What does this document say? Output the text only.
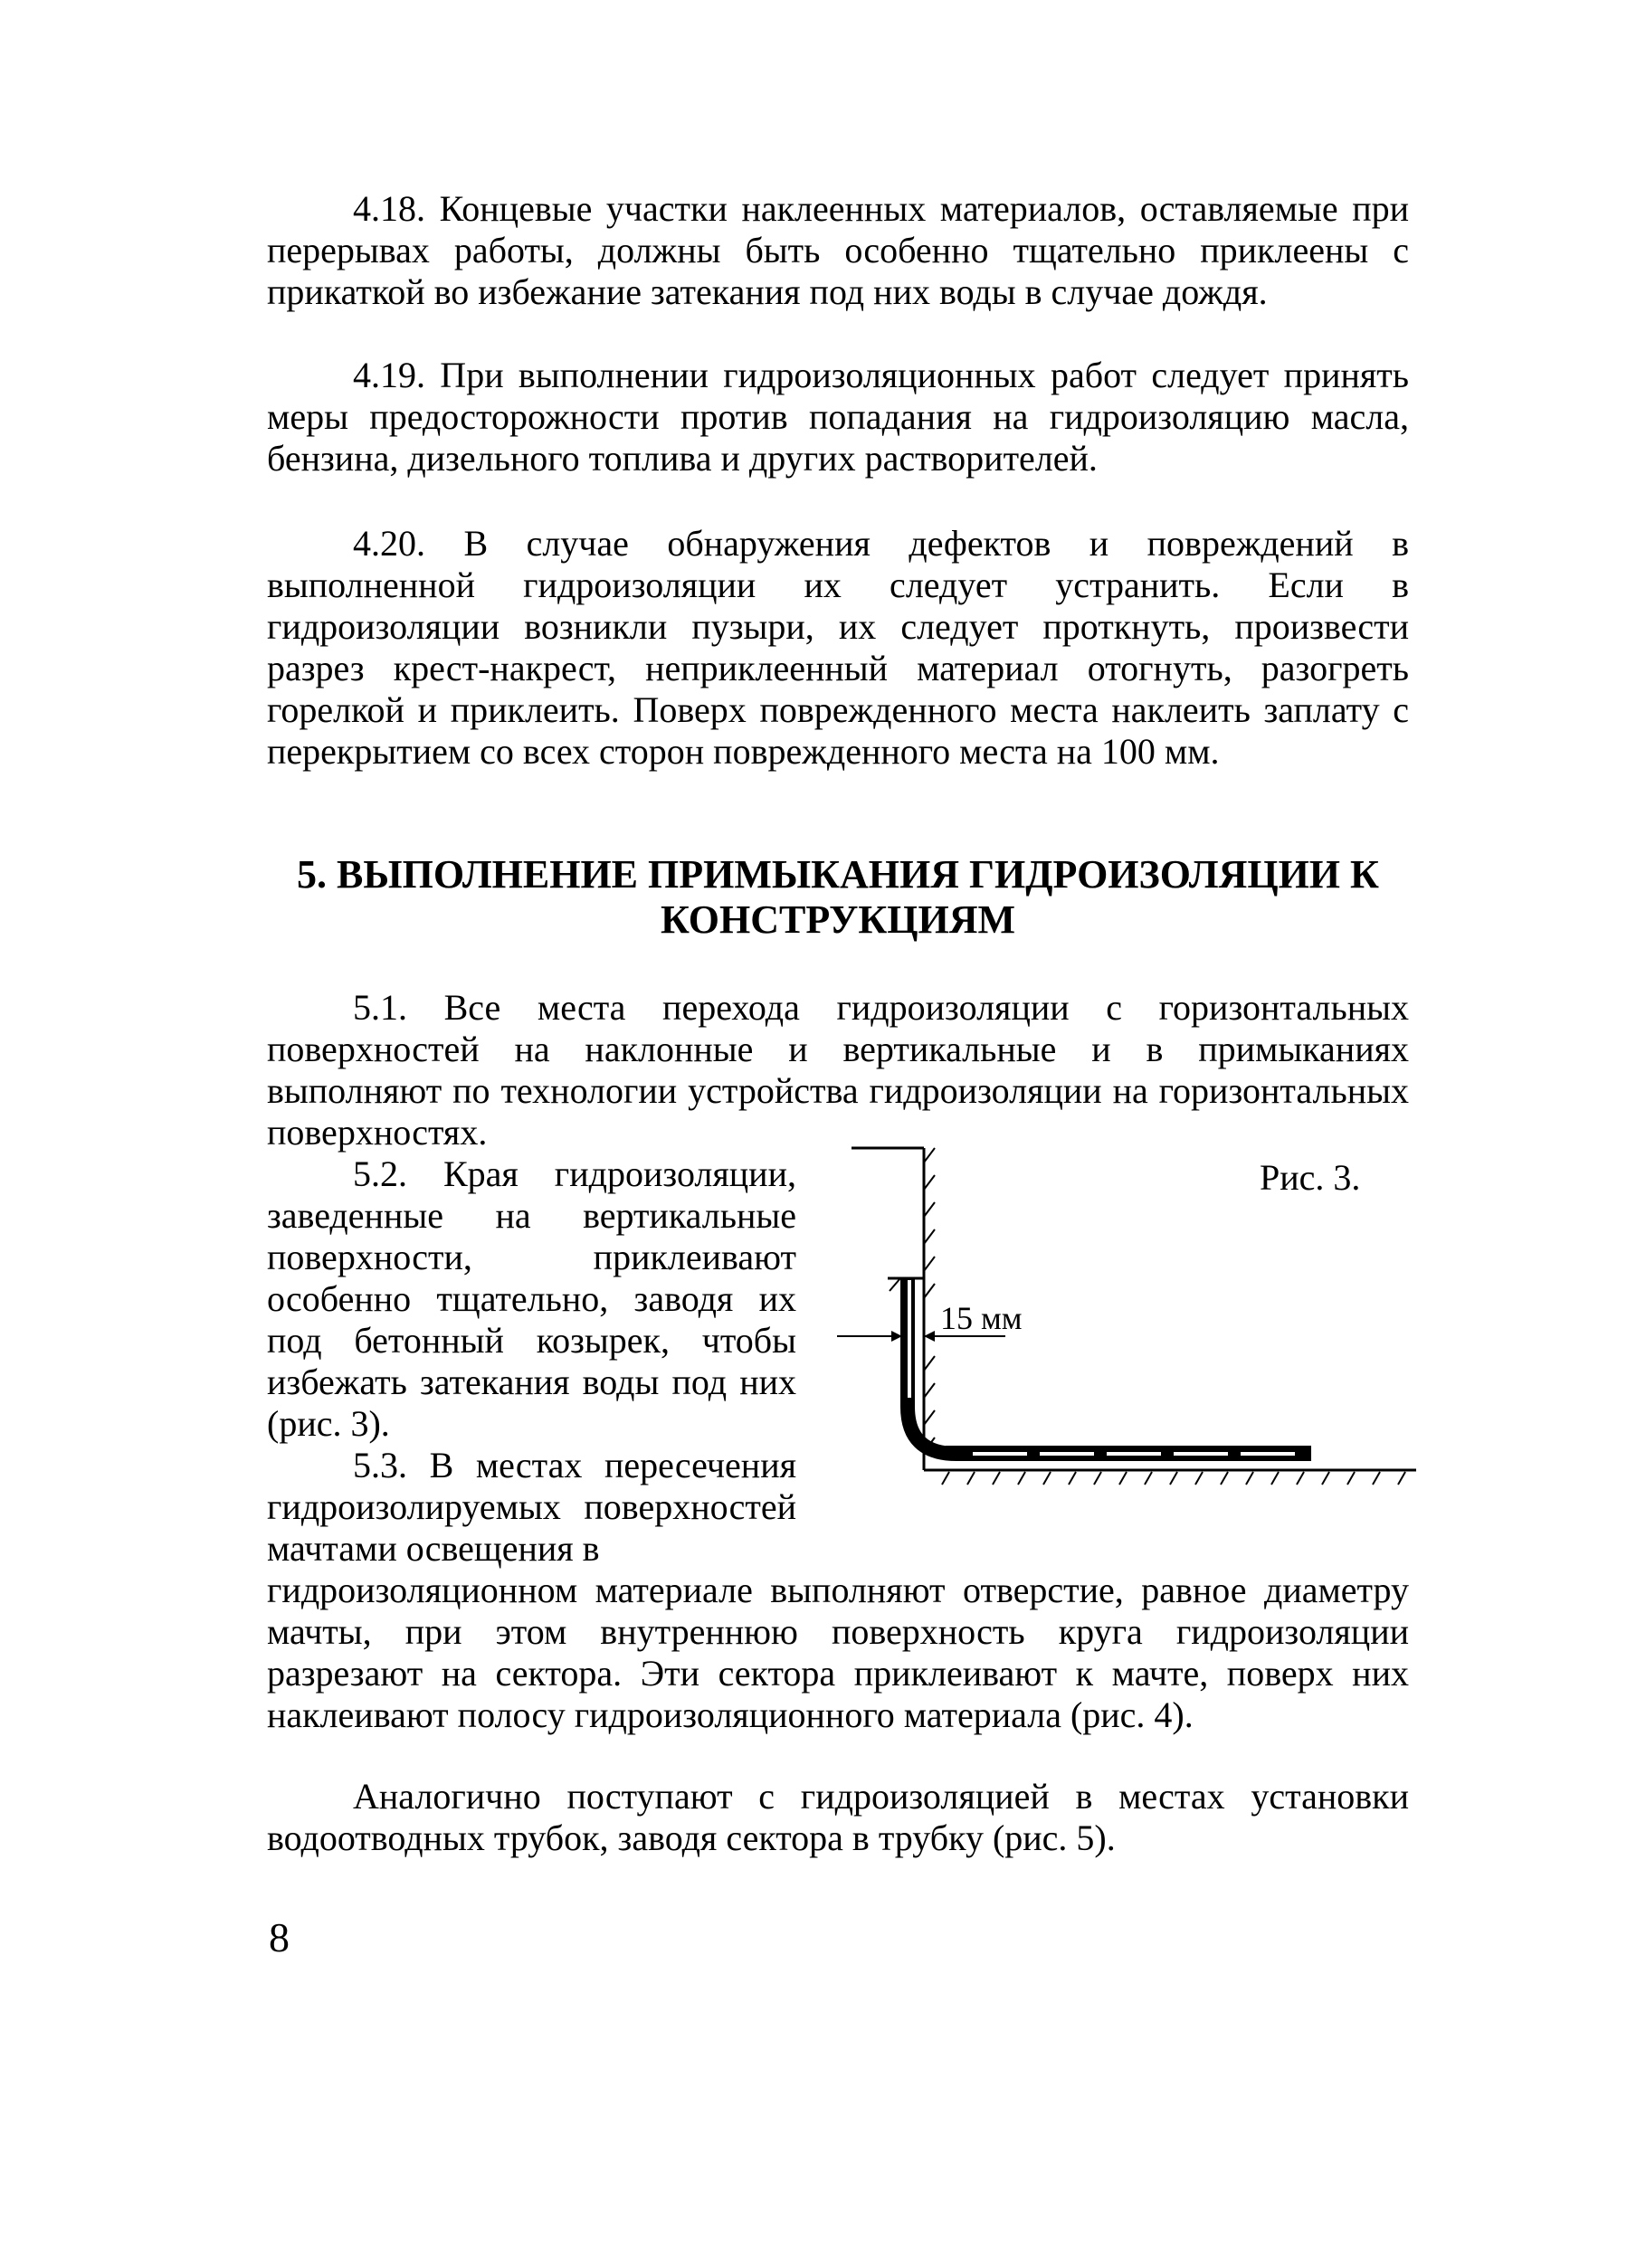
4.18. Концевые участки наклеенных материалов, оставляемые при перерывах работы, должны быть особенно тщательно приклеены с прикаткой во избежание затекания под них воды в случае дождя.

4.19. При выполнении гидроизоляционных работ следует принять меры предосторожности против попадания на гидроизоляцию масла, бензина, дизельного топлива и других растворителей.

4.20. В случае обнаружения дефектов и повреждений в выполненной гидроизоляции их следует устранить. Если в гидроизоляции возникли пузыри, их следует проткнуть, произвести разрез крест-накрест, неприклеенный материал отогнуть, разогреть горелкой и приклеить. Поверх поврежденного места наклеить заплату с перекрытием со всех сторон поврежденного места на 100 мм.

5. ВЫПОЛНЕНИЕ ПРИМЫКАНИЯ ГИДРОИЗОЛЯЦИИ К
КОНСТРУКЦИЯМ

5.1. Все места перехода гидроизоляции с горизонтальных поверхностей на наклонные и вертикальные и в примыканиях выполняют по технологии устройства гидроизоляции на горизонтальных поверхностях.

5.2. Края гидроизоляции, заведенные на вертикальные поверхности, приклеивают особенно тщательно, заводя их под бетонный козырек, чтобы избежать затекания воды под них (рис. 3).

5.3. В местах пересечения гидроизолируемых поверхностей мачтами освещения в

гидроизоляционном материале выполняют отверстие, равное диаметру мачты, при этом внутреннюю поверхность круга гидроизоляции разрезают на сектора. Эти сектора приклеивают к мачте, поверх них наклеивают полосу гидроизоляционного материала (рис. 4).

Аналогично поступают с гидроизоляцией в местах установки водоотводных трубок, заводя сектора в трубку (рис. 5).

Рис. 3.
15 мм
8
